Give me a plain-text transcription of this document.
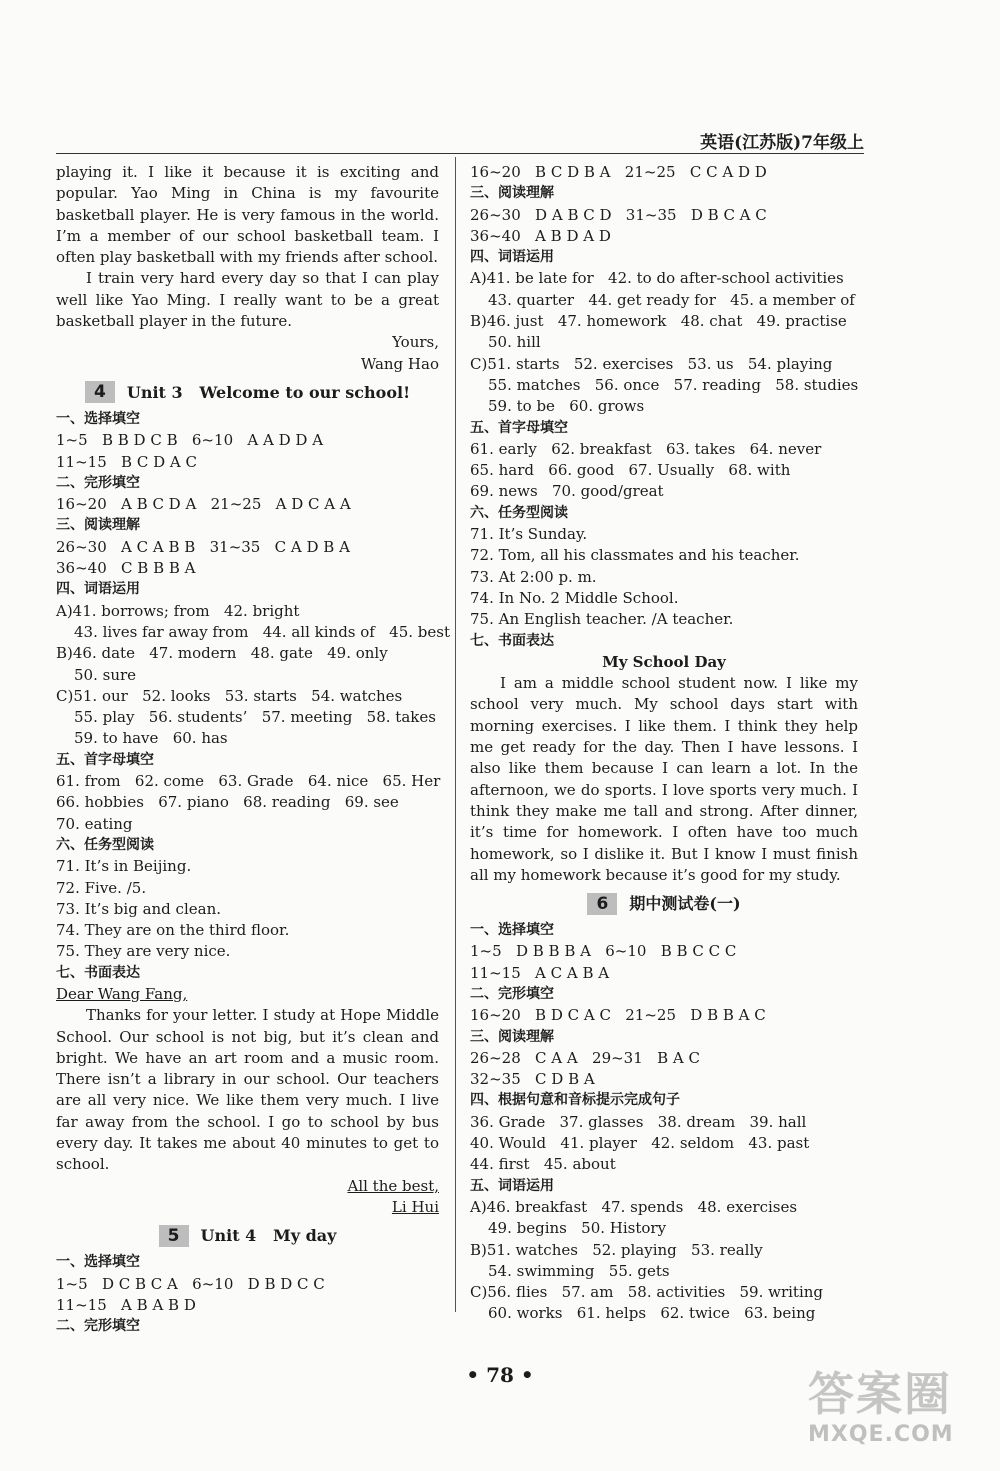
英语(江苏版)7年级上

playing it. I like it because it is exciting and popular. Yao Ming in China is my favourite basketball player. He is very famous in the world. I’m a member of our school basketball team. I often play basketball with my friends after school.

I train very hard every day so that I can play well like Yao Ming. I really want to be a great basketball player in the future.

Yours,
Wang Hao
4	Unit 3   Welcome to our school!
一、选择填空
1~5   B B D C B   6~10   A A D D A
11~15   B C D A C
二、完形填空
16~20   A B C D A   21~25   A D C A A
三、阅读理解
26~30   A C A B B   31~35   C A D B A
36~40   C B B B A
四、词语运用
A)41. borrows; from   42. bright
43. lives far away from   44. all kinds of   45. best
B)46. date   47. modern   48. gate   49. only
50. sure
C)51. our   52. looks   53. starts   54. watches
55. play   56. students’   57. meeting   58. takes
59. to have   60. has
五、首字母填空
61. from   62. come   63. Grade   64. nice   65. Her
66. hobbies   67. piano   68. reading   69. see
70. eating
六、任务型阅读
71. It’s in Beijing.
72. Five. /5.
73. It’s big and clean.
74. They are on the third floor.
75. They are very nice.
七、书面表达
Dear Wang Fang,

Thanks for your letter. I study at Hope Middle School. Our school is not big, but it’s clean and bright. We have an art room and a music room. There isn’t a library in our school. Our teachers are all very nice. We like them very much. I live far away from the school. I go to school by bus every day. It takes me about 40 minutes to get to school.

All the best,
Li Hui
5	Unit 4   My day
一、选择填空
1~5   D C B C A   6~10   D B D C C
11~15   A B A B D
二、完形填空
16~20   B C D B A   21~25   C C A D D
三、阅读理解
26~30   D A B C D   31~35   D B C A C
36~40   A B D A D
四、词语运用
A)41. be late for   42. to do after-school activities
43. quarter   44. get ready for   45. a member of
B)46. just   47. homework   48. chat   49. practise
50. hill
C)51. starts   52. exercises   53. us   54. playing
55. matches   56. once   57. reading   58. studies
59. to be   60. grows
五、首字母填空
61. early   62. breakfast   63. takes   64. never
65. hard   66. good   67. Usually   68. with
69. news   70. good/great
六、任务型阅读
71. It’s Sunday.
72. Tom, all his classmates and his teacher.
73. At 2:00 p. m.
74. In No. 2 Middle School.
75. An English teacher. /A teacher.
七、书面表达
My School Day

I am a middle school student now. I like my school very much. My school days start with morning exercises. I like them. I think they help me get ready for the day. Then I have lessons. I also like them because I can learn a lot. In the afternoon, we do sports. I love sports very much. I think they make me tall and strong. After dinner, it’s time for homework. I often have too much homework, so I dislike it. But I know I must finish all my homework because it’s good for my study.

6	期中测试卷(一)
一、选择填空
1~5   D B B B A   6~10   B B C C C
11~15   A C A B A
二、完形填空
16~20   B D C A C   21~25   D B B A C
三、阅读理解
26~28   C A A   29~31   B A C
32~35   C D B A
四、根据句意和音标提示完成句子
36. Grade   37. glasses   38. dream   39. hall
40. Would   41. player   42. seldom   43. past
44. first   45. about
五、词语运用
A)46. breakfast   47. spends   48. exercises
49. begins   50. History
B)51. watches   52. playing   53. really
54. swimming   55. gets
C)56. flies   57. am   58. activities   59. writing
60. works   61. helps   62. twice   63. being
• 78 •	答案圈
MXQE.COM
